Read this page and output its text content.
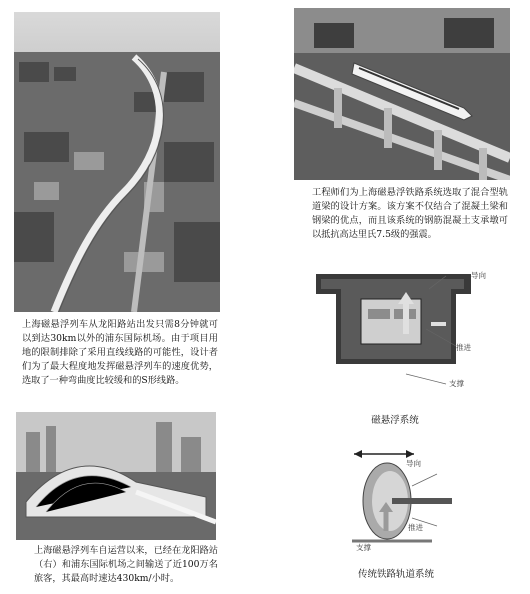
工程师们为上海磁悬浮铁路系统选取了混合型轨道梁的设计方案。该方案不仅结合了混凝土梁和钢梁的优点，而且该系统的钢筋混凝土支承墩可以抵抗高达里氏7.5级的强震。
上海磁悬浮列车从龙阳路站出发只需8分钟就可以到达30km以外的浦东国际机场。由于项目用地的限制排除了采用直线线路的可能性，设计者们为了最大程度地发挥磁悬浮列车的速度优势，选取了一种弯曲度比较缓和的S形线路。
上海磁悬浮列车自运营以来，已经在龙阳路站（右）和浦东国际机场之间输送了近100万名旅客，其最高时速达430km/小时。
导向
推进
支撑
磁悬浮系统
导向
推进
支撑
传统铁路轨道系统
